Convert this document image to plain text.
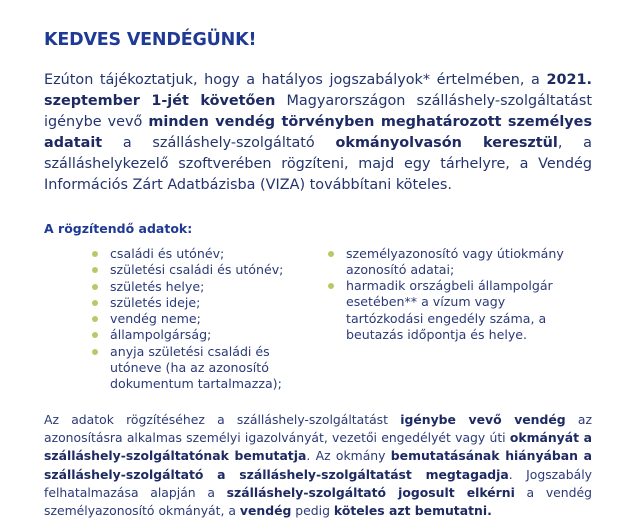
KEDVES VENDÉGÜNK!

Ezúton tájékoztatjuk, hogy a hatályos jogszabályok* értelmében, a 2021. szeptember 1-jét követően Magyarországon szálláshely-szolgáltatást igénybe vevő minden vendég törvényben meghatározott személyes adatait a szálláshely-szolgáltató okmányolvasón keresztül, a szálláshelykezelő szoftverében rögzíteni, majd egy tárhelyre, a Vendég Információs Zárt Adatbázisba (VIZA) továbbítani köteles.

A rögzítendő adatok:
családi és utónév;
születési családi és utónév;
születés helye;
születés ideje;
vendég neme;
állampolgárság;
anyja születési családi és utóneve (ha az azonosító dokumentum tartalmazza);
személyazonosító vagy útiokmány azonosító adatai;
harmadik országbeli állampolgár esetében** a vízum vagy tartózkodási engedély száma, a beutazás időpontja és helye.

Az adatok rögzítéséhez a szálláshely-szolgáltatást igénybe vevő vendég az azonosításra alkalmas személyi igazolványát, vezetői engedélyét vagy úti okmányát a szálláshely-szolgáltatónak bemutatja. Az okmány bemutatásának hiányában a szálláshely-szolgáltató a szálláshely-szolgáltatást megtagadja. Jogszabály felhatalmazása alapján a szálláshely-szolgáltató jogosult elkérni a vendég személyazonosító okmányát, a vendég pedig köteles azt bemutatni.
